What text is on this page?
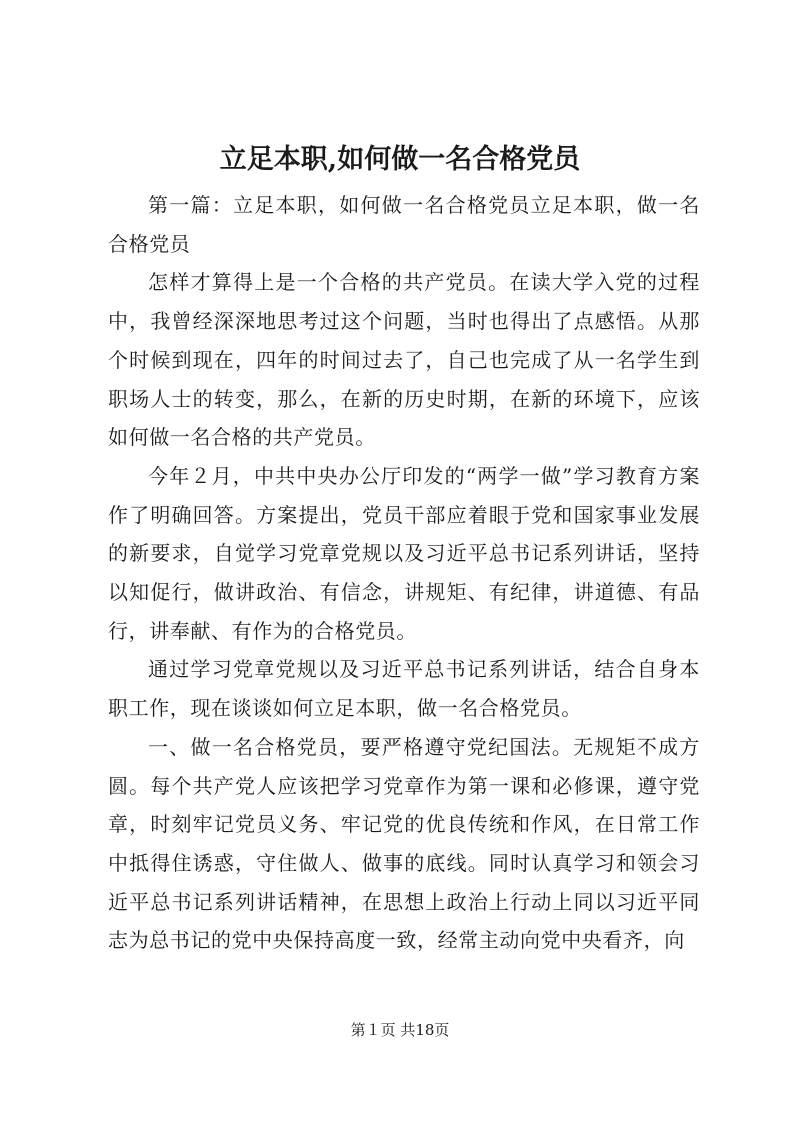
立足本职,如何做一名合格党员

第一篇：立足本职，如何做一名合格党员立足本职，做一名合格党员

怎样才算得上是一个合格的共产党员。在读大学入党的过程中，我曾经深深地思考过这个问题，当时也得出了点感悟。从那个时候到现在，四年的时间过去了，自己也完成了从一名学生到职场人士的转变，那么，在新的历史时期，在新的环境下，应该如何做一名合格的共产党员。

今年２月，中共中央办公厅印发的“两学一做”学习教育方案作了明确回答。方案提出，党员干部应着眼于党和国家事业发展的新要求，自觉学习党章党规以及习近平总书记系列讲话，坚持以知促行，做讲政治、有信念，讲规矩、有纪律，讲道德、有品行，讲奉献、有作为的合格党员。

通过学习党章党规以及习近平总书记系列讲话，结合自身本职工作，现在谈谈如何立足本职，做一名合格党员。

一、做一名合格党员，要严格遵守党纪国法。无规矩不成方圆。每个共产党人应该把学习党章作为第一课和必修课，遵守党章，时刻牢记党员义务、牢记党的优良传统和作风，在日常工作中抵得住诱惑，守住做人、做事的底线。同时认真学习和领会习近平总书记系列讲话精神，在思想上政治上行动上同以习近平同志为总书记的党中央保持高度一致，经常主动向党中央看齐，向

第１页 共18页
